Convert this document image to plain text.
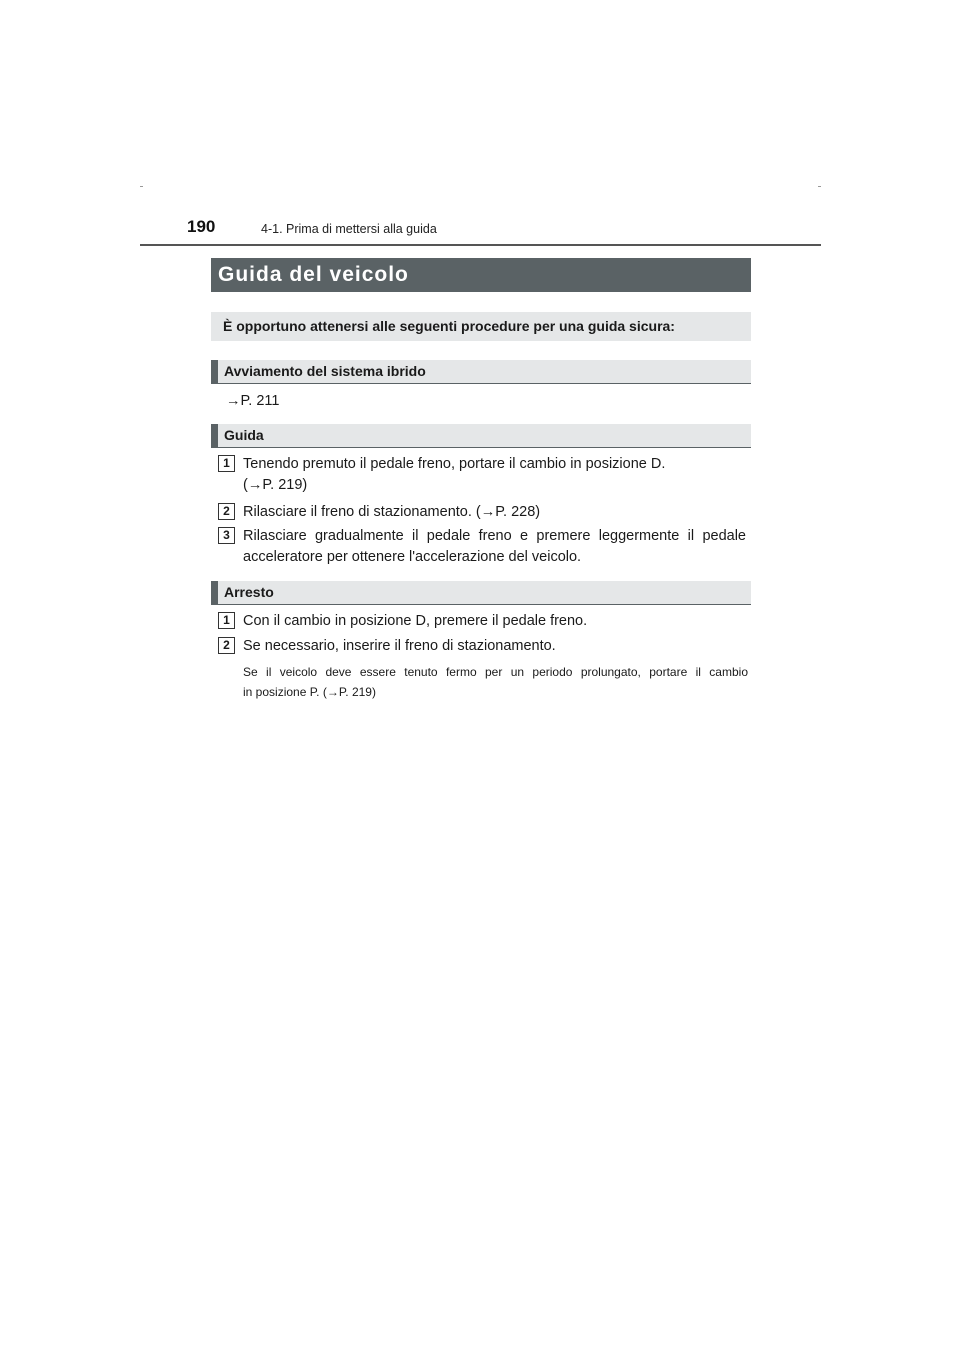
190	4-1. Prima di mettersi alla guida
Guida del veicolo
È opportuno attenersi alle seguenti procedure per una guida sicura:
Avviamento del sistema ibrido
→P. 211
Guida
1 Tenendo premuto il pedale freno, portare il cambio in posizione D.
(→P. 219)
2 Rilasciare il freno di stazionamento. (→P. 228)
3 Rilasciare gradualmente il pedale freno e premere leggermente il pedale
acceleratore per ottenere l'accelerazione del veicolo.
Arresto
1 Con il cambio in posizione D, premere il pedale freno.
2 Se necessario, inserire il freno di stazionamento.
Se il veicolo deve essere tenuto fermo per un periodo prolungato, portare il cambio
in posizione P. (→P. 219)
